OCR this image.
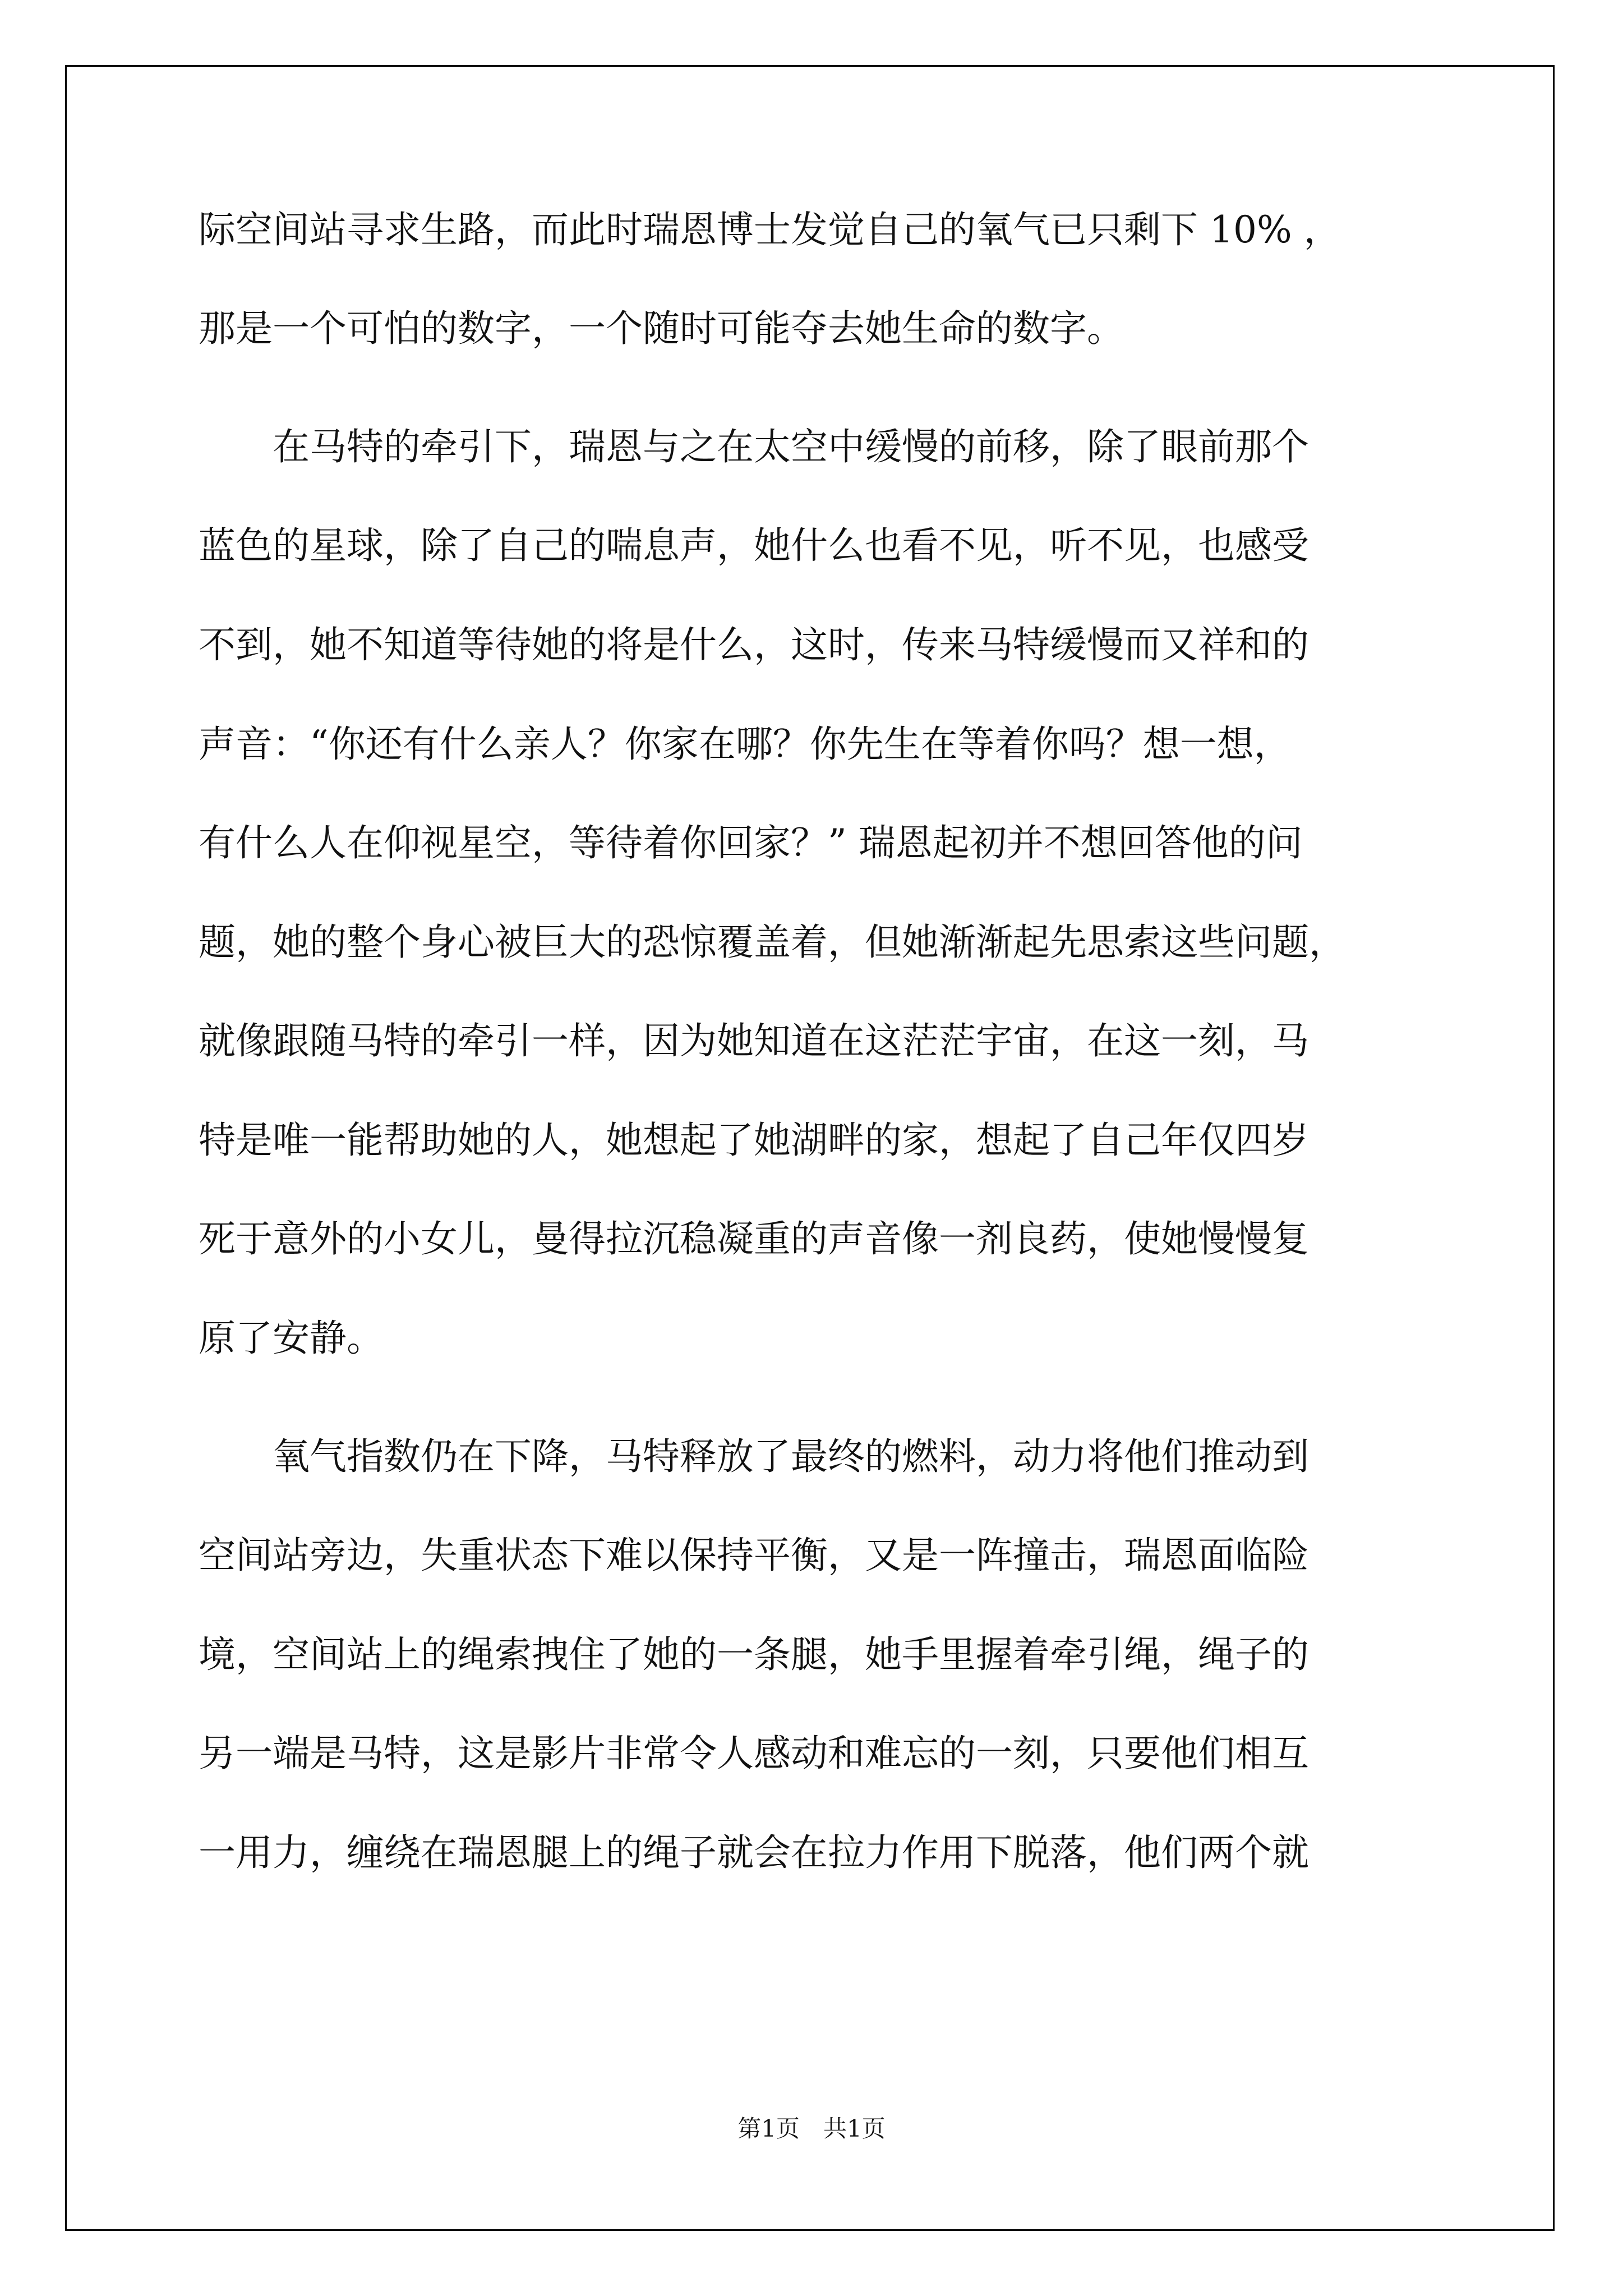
际空间站寻求生路，而此时瑞恩博士发觉自己的氧气已只剩下 10% ，
那是一个可怕的数字，一个随时可能夺去她生命的数字。
　　在马特的牵引下，瑞恩与之在太空中缓慢的前移，除了眼前那个
蓝色的星球，除了自己的喘息声，她什么也看不见，听不见，也感受
不到，她不知道等待她的将是什么，这时，传来马特缓慢而又祥和的
声音：“你还有什么亲人？你家在哪？你先生在等着你吗？想一想，
有什么人在仰视星空，等待着你回家？” 瑞恩起初并不想回答他的问
题，她的整个身心被巨大的恐惊覆盖着，但她渐渐起先思索这些问题，
就像跟随马特的牵引一样，因为她知道在这茫茫宇宙，在这一刻，马
特是唯一能帮助她的人，她想起了她湖畔的家，想起了自己年仅四岁
死于意外的小女儿，曼得拉沉稳凝重的声音像一剂良药，使她慢慢复
原了安静。
　　氧气指数仍在下降，马特释放了最终的燃料，动力将他们推动到
空间站旁边，失重状态下难以保持平衡，又是一阵撞击，瑞恩面临险
境，空间站上的绳索拽住了她的一条腿，她手里握着牵引绳，绳子的
另一端是马特，这是影片非常令人感动和难忘的一刻，只要他们相互
一用力，缠绕在瑞恩腿上的绳子就会在拉力作用下脱落，他们两个就
第1页　共1页
